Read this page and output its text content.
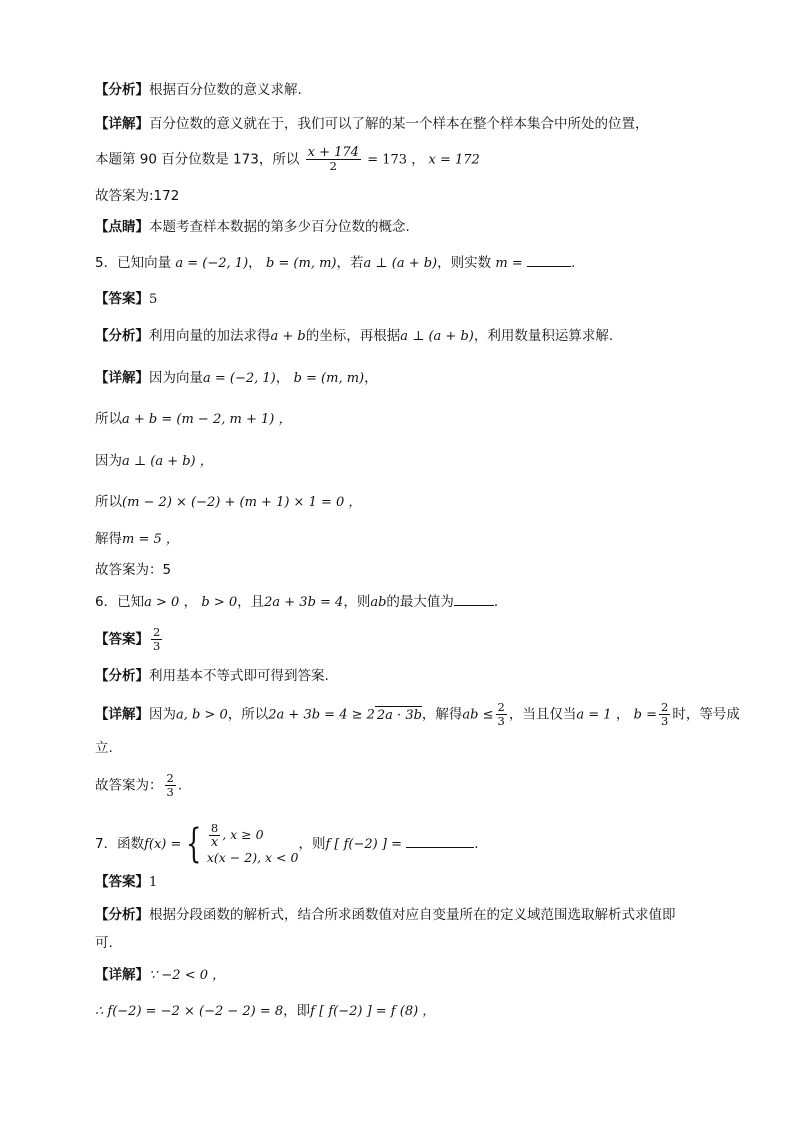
【分析】根据百分位数的意义求解.
【详解】百分位数的意义就在于，我们可以了解的某一个样本在整个样本集合中所处的位置，
本题第 90 百分位数是 173，所以 $\frac{x + 174}{2} = 173$ ， x = 172
故答案为:172
【点睛】本题考查样本数据的第多少百分位数的概念.
5．已知向量 a = (−2, 1)， b = (m, m)，若a ⊥ (a + b)，则实数 m =	.
【答案】5
【分析】利用向量的加法求得a + b的坐标，再根据a ⊥ (a + b)，利用数量积运算求解.
【详解】因为向量a = (−2, 1)， b = (m, m)，
所以a + b = (m − 2, m + 1) ，
因为a ⊥ (a + b) ，
所以(m − 2) × (−2) + (m + 1) × 1 = 0 ，
解得m = 5 ，
故答案为：5
6．已知a > 0 ， b > 0，且2a + 3b = 4，则ab的最大值为	.
【答案】 $\frac{2}{3}$
【分析】利用基本不等式即可得到答案.
【详解】因为a, b > 0，所以2a + 3b = 4 ≥ 2 2a · 3b，解得ab ≤ $\frac{2}{3}$ ，当且仅当a = 1 ， $b = \frac{2}{3}$ 时，等号成
立.
故答案为： $\frac{2}{3}$ .
7．函数f(x) = { $\frac{8}{x}$ , x ≥ 0
x(x − 2), x < 0
，则f [ f(−2) ] =	.
【答案】1
【分析】根据分段函数的解析式，结合所求函数值对应自变量所在的定义域范围选取解析式求值即
可.
【详解】∵ −2 < 0 ，
∴ f(−2) = −2 × (−2 − 2) = 8，即f [ f(−2) ] = f (8) ，
